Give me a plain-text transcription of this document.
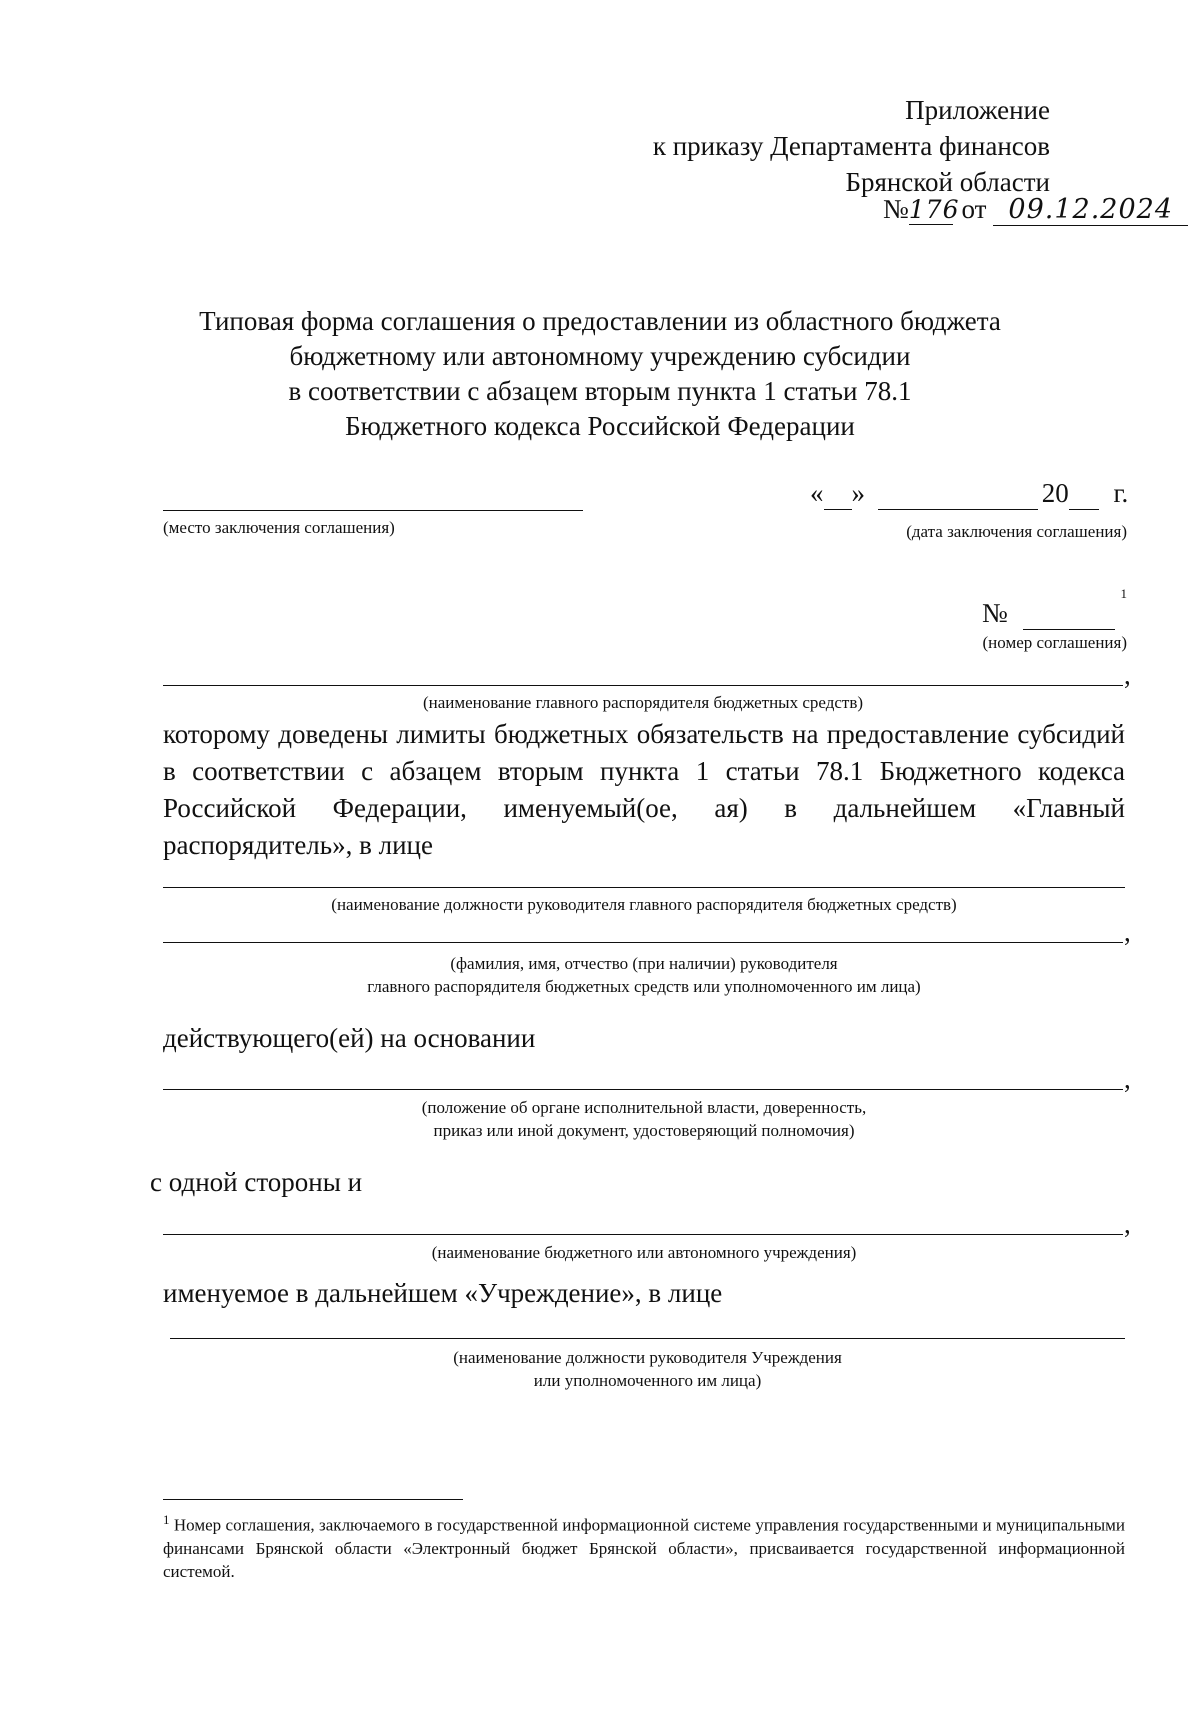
Приложение
к приказу Департамента финансов
Брянской области
№176 от 09.12.2024
Типовая форма соглашения о предоставлении из областного бюджета
бюджетному или автономному учреждению субсидии
в соответствии с абзацем вторым пункта 1 статьи 78.1
Бюджетного кодекса Российской Федерации
(место заключения соглашения)
« »	20 г.
(дата заключения соглашения)
№  $^1$
(номер соглашения)
,
(наименование главного распорядителя бюджетных средств)
которому доведены лимиты бюджетных обязательств на предоставление субсидий в соответствии с абзацем вторым пункта 1 статьи 78.1 Бюджетного кодекса Российской Федерации, именуемый(ое, ая) в дальнейшем «Главный распорядитель», в лице
(наименование должности руководителя главного распорядителя бюджетных средств)
,
(фамилия, имя, отчество (при наличии) руководителя
главного распорядителя бюджетных средств или уполномоченного им лица)
действующего(ей) на основании
,
(положение об органе исполнительной власти, доверенность,
приказ или иной документ, удостоверяющий полномочия)
с одной стороны и
,
(наименование бюджетного или автономного учреждения)
именуемое в дальнейшем «Учреждение», в лице
(наименование должности руководителя Учреждения
или уполномоченного им лица)
$^1$ Номер соглашения, заключаемого в государственной информационной системе управления государственными и муниципальными финансами Брянской области «Электронный бюджет Брянской области», присваивается государственной информационной системой.
